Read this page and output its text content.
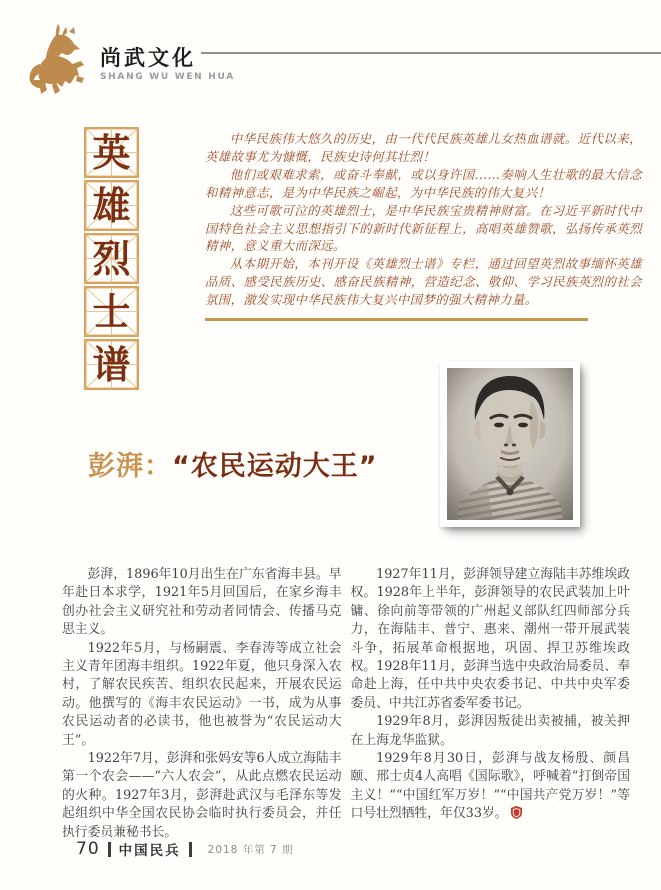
尚武文化
SHANG WU WEN HUA
英
雄
烈
士
谱

中华民族伟大悠久的历史，由一代代民族英雄儿女热血谱就。近代以来，英雄故事尤为慷慨，民族史诗何其壮烈！

他们或艰难求索，或奋斗奉献，或以身许国……奏响人生壮歌的最大信念和精神意志，是为中华民族之崛起，为中华民族的伟大复兴！

这些可歌可泣的英雄烈士，是中华民族宝贵精神财富。在习近平新时代中国特色社会主义思想指引下的新时代新征程上，高唱英雄赞歌，弘扬传承英烈精神，意义重大而深远。

从本期开始，本刊开设《英雄烈士谱》专栏，通过回望英烈故事缅怀英雄品质、感受民族历史、感奋民族精神，营造纪念、敬仰、学习民族英烈的社会氛围，激发实现中华民族伟大复兴中国梦的强大精神力量。

彭湃：“农民运动大王”

彭湃，1896年10月出生在广东省海丰县。早年赴日本求学，1921年5月回国后，在家乡海丰创办社会主义研究社和劳动者同情会、传播马克思主义。

1922年5月，与杨嗣震、李春涛等成立社会主义青年团海丰组织。1922年夏，他只身深入农村，了解农民疾苦、组织农民起来，开展农民运动。他撰写的《海丰农民运动》一书，成为从事农民运动者的必读书，他也被誉为“农民运动大王”。

1922年7月，彭湃和张妈安等6人成立海陆丰第一个农会——“六人农会”，从此点燃农民运动的火种。1927年3月，彭湃赴武汉与毛泽东等发起组织中华全国农民协会临时执行委员会，并任执行委员兼秘书长。

1927年11月，彭湃领导建立海陆丰苏维埃政权。1928年上半年，彭湃领导的农民武装加上叶镛、徐向前等带领的广州起义部队红四师部分兵力，在海陆丰、普宁、惠来、潮州一带开展武装斗争，拓展革命根据地，巩固、捍卫苏维埃政权。1928年11月，彭湃当选中央政治局委员、奉命赴上海，任中共中央农委书记、中共中央军委委员、中共江苏省委军委书记。

1929年8月，彭湃因叛徒出卖被捕，被关押在上海龙华监狱。

1929年8月30日，彭湃与战友杨殷、颜昌颐、邢士贞4人高唱《国际歌》，呼喊着“打倒帝国主义！”“中国红军万岁！”“中国共产党万岁！”等口号壮烈牺牲，年仅33岁。

70 中国民兵	2018 年第 7 期
